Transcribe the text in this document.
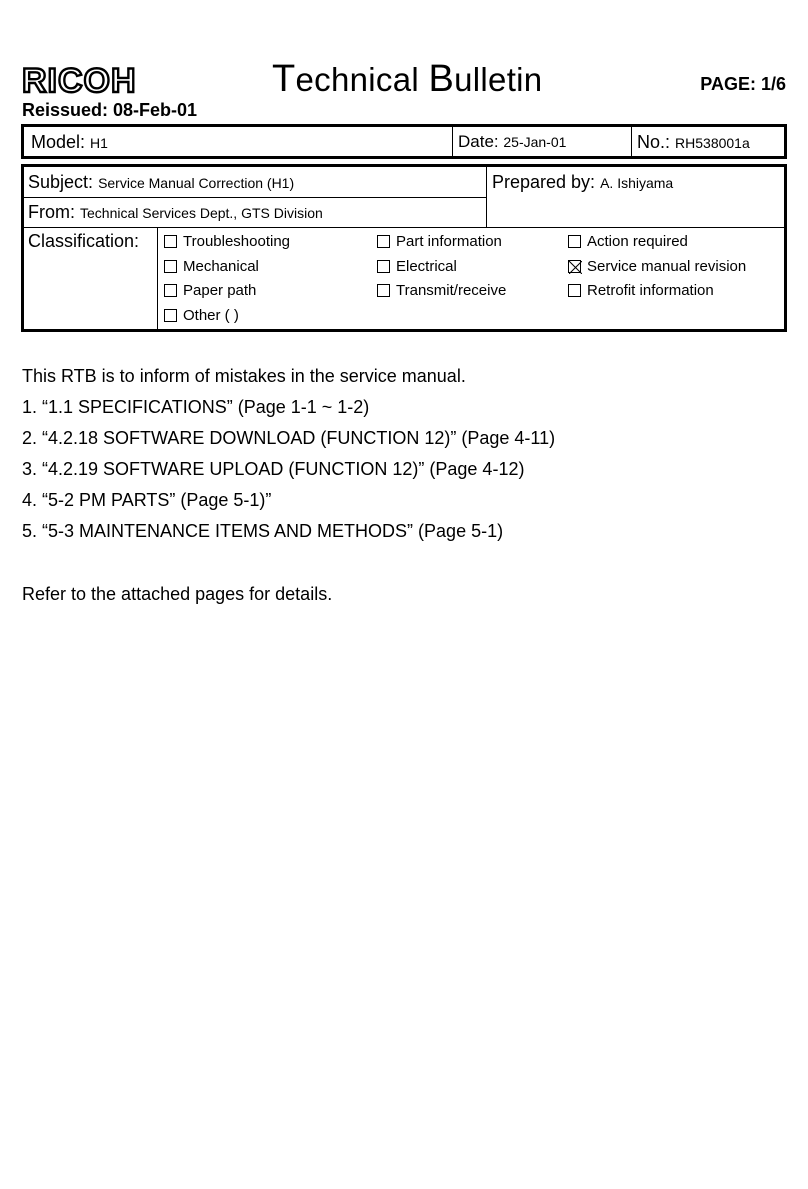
RICOH	Technical Bulletin	PAGE: 1/6
Reissued: 08-Feb-01
Model: H1	Date: 25-Jan-01	No.: RH538001a
Subject: Service Manual Correction (H1)	Prepared by: A. Ishiyama
From: Technical Services Dept., GTS Division
Classification:	Troubleshooting	Part information	Action required
Mechanical	Electrical	Service manual revision
Paper path	Transmit/receive	Retrofit information
Other ( )
This RTB is to inform of mistakes in the service manual.
1. “1.1 SPECIFICATIONS” (Page 1-1 ~ 1-2)
2. “4.2.18 SOFTWARE DOWNLOAD (FUNCTION 12)” (Page 4-11)
3. “4.2.19 SOFTWARE UPLOAD (FUNCTION 12)” (Page 4-12)
4. “5-2 PM PARTS” (Page 5-1)”
5. “5-3 MAINTENANCE ITEMS AND METHODS” (Page 5-1)
Refer to the attached pages for details.
